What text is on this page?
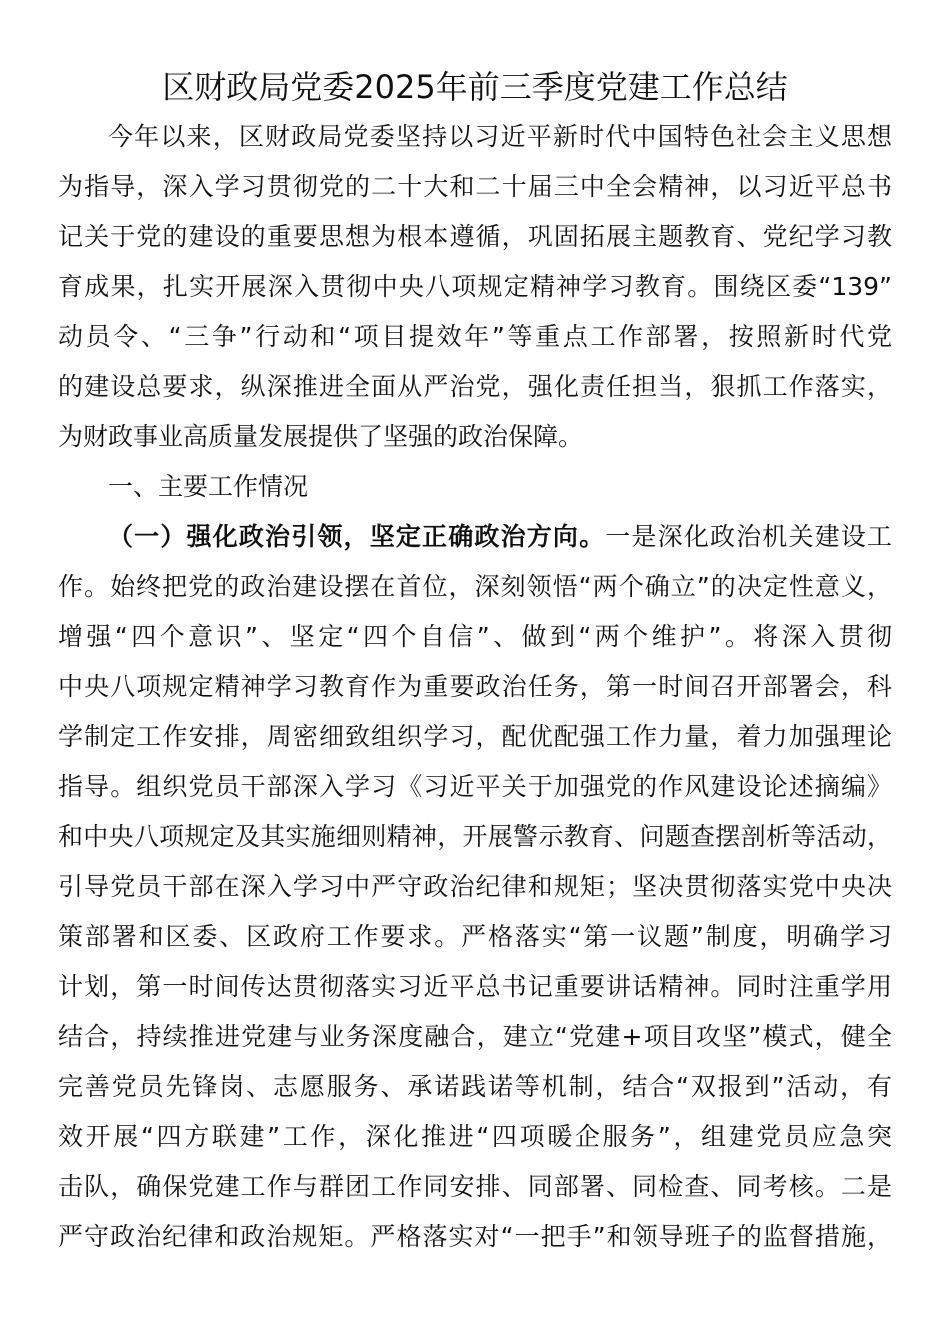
区财政局党委2025年前三季度党建工作总结
今年以来，区财政局党委坚持以习近平新时代中国特色社会主义思想
为指导，深入学习贯彻党的二十大和二十届三中全会精神，以习近平总书
记关于党的建设的重要思想为根本遵循，巩固拓展主题教育、党纪学习教
育成果，扎实开展深入贯彻中央八项规定精神学习教育。围绕区委“139”
动员令、“三争”行动和“项目提效年”等重点工作部署，按照新时代党
的建设总要求，纵深推进全面从严治党，强化责任担当，狠抓工作落实，
为财政事业高质量发展提供了坚强的政治保障。
一、主要工作情况
（一）强化政治引领，坚定正确政治方向。一是深化政治机关建设工
作。始终把党的政治建设摆在首位，深刻领悟“两个确立”的决定性意义，
增强“四个意识”、坚定“四个自信”、做到“两个维护”。将深入贯彻
中央八项规定精神学习教育作为重要政治任务，第一时间召开部署会，科
学制定工作安排，周密细致组织学习，配优配强工作力量，着力加强理论
指导。组织党员干部深入学习《习近平关于加强党的作风建设论述摘编》
和中央八项规定及其实施细则精神，开展警示教育、问题查摆剖析等活动，
引导党员干部在深入学习中严守政治纪律和规矩；坚决贯彻落实党中央决
策部署和区委、区政府工作要求。严格落实“第一议题”制度，明确学习
计划，第一时间传达贯彻落实习近平总书记重要讲话精神。同时注重学用
结合，持续推进党建与业务深度融合，建立“党建+项目攻坚”模式，健全
完善党员先锋岗、志愿服务、承诺践诺等机制，结合“双报到”活动，有
效开展“四方联建”工作，深化推进“四项暖企服务”，组建党员应急突
击队，确保党建工作与群团工作同安排、同部署、同检查、同考核。二是
严守政治纪律和政治规矩。严格落实对“一把手”和领导班子的监督措施，
